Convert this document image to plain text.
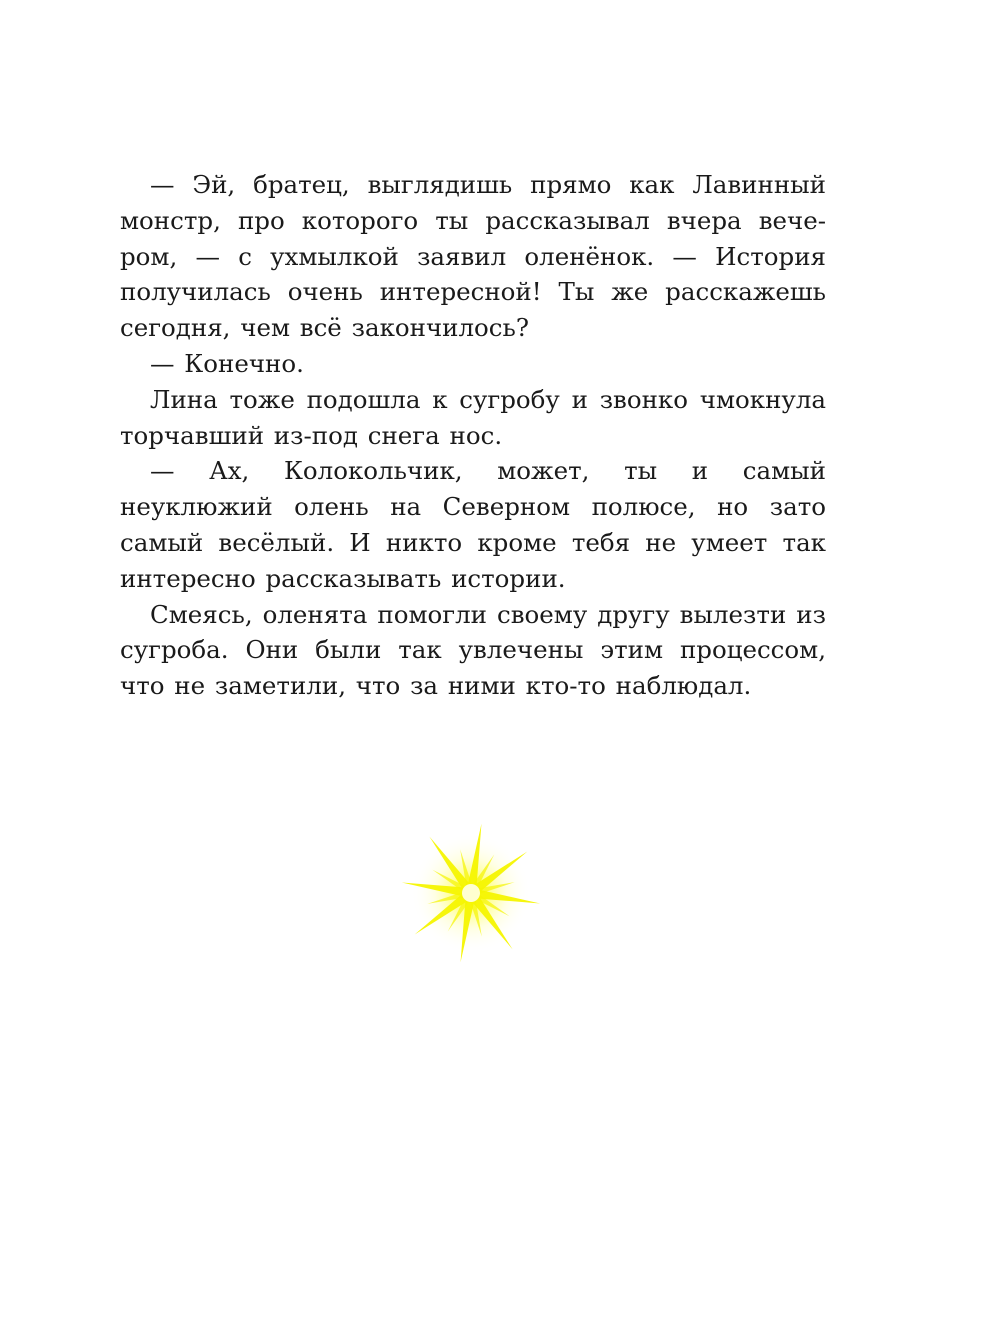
— Эй, братец, выглядишь прямо как Лавинный монстр, про которого ты рассказывал вчера вечером, — с ухмылкой заявил оленёнок. — История получилась очень интересной! Ты же расскажешь сегодня, чем всё закончилось?

— Конечно.

Лина тоже подошла к сугробу и звонко чмокнула торчавший из-под снега нос.

— Ах, Колокольчик, может, ты и самый неуклюжий олень на Северном полюсе, но зато самый весёлый. И никто кроме тебя не умеет так интересно рассказывать истории.

Смеясь, оленята помогли своему другу вылезти из сугроба. Они были так увлечены этим процессом, что не заметили, что за ними кто-то наблюдал.
